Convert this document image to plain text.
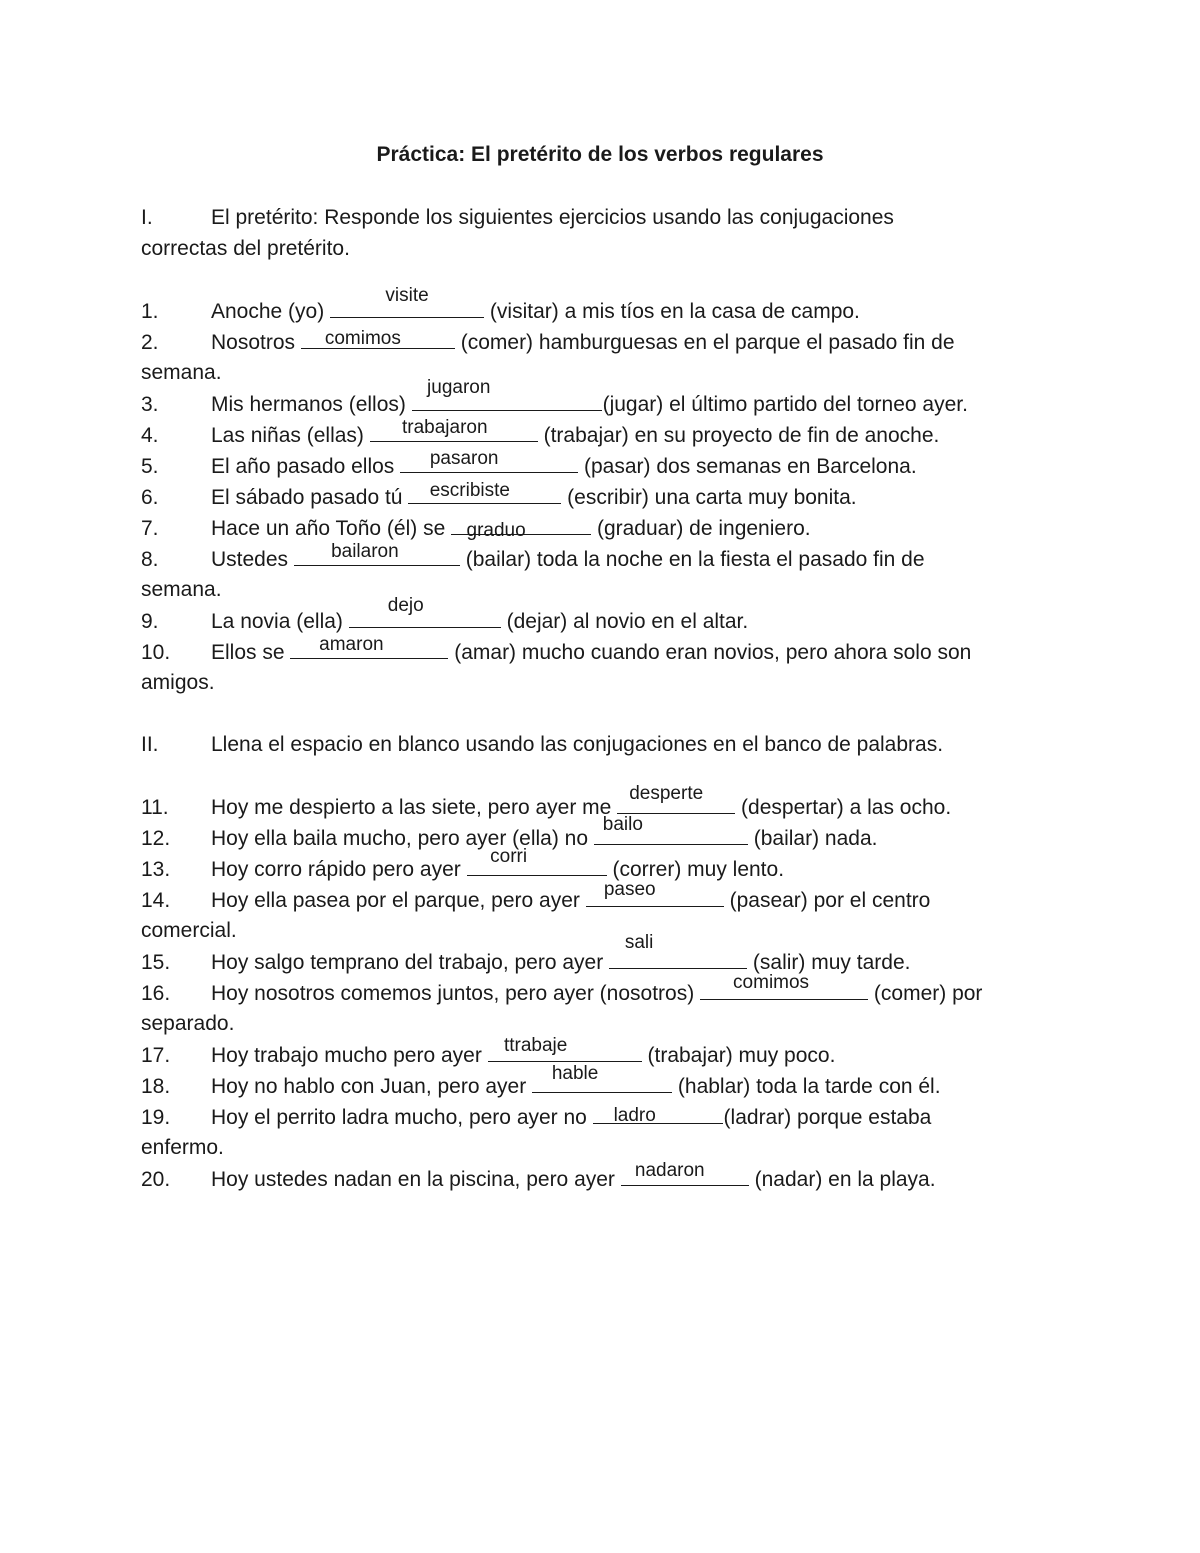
Práctica: El pretérito de los verbos regulares
I.	El pretérito: Responde los siguientes ejercicios usando las conjugaciones
correctas del pretérito.
1. Anoche (yo)
visite
(visitar) a mis tíos en la casa de campo.
2. Nosotros	comimos	(comer) hamburguesas en el parque el pasado fin de
semana.
3. Mis hermanos (ellos)
jugaron
(jugar) el último partido del torneo ayer.
4. Las niñas (ellas)	trabajaron	(trabajar) en su proyecto de fin de anoche.
5. El año pasado ellos	pasaron	(pasar) dos semanas en Barcelona.
6. El sábado pasado tú	escribiste	(escribir) una carta muy bonita.
7. Hace un año Toño (él) se	graduo	(graduar) de ingeniero.
8. Ustedes	bailaron	(bailar) toda la noche en la fiesta el pasado fin de
semana.
9. La novia (ella)
dejo
(dejar) al novio en el altar.
10. Ellos se	amaron	(amar) mucho cuando eran novios, pero ahora solo son
amigos.
II. Llena el espacio en blanco usando las conjugaciones en el banco de palabras.
11. Hoy me despierto a las siete, pero ayer me
desperte
(despertar) a las ocho.
12. Hoy ella baila mucho, pero ayer (ella) no
bailo
(bailar) nada.
13. Hoy corro rápido pero ayer
corri
(correr) muy lento.
14. Hoy ella pasea por el parque, pero ayer	paseo	(pasear) por el centro
comercial.
15. Hoy salgo temprano del trabajo, pero ayer
sali
(salir) muy tarde.
16. Hoy nosotros comemos juntos, pero ayer (nosotros)	comimos	(comer) por
separado.
17. Hoy trabajo mucho pero ayer	ttrabaje	(trabajar) muy poco.
18. Hoy no hablo con Juan, pero ayer
hable
(hablar) toda la tarde con él.
19. Hoy el perrito ladra mucho, pero ayer no	ladro	(ladrar) porque estaba
enfermo.
20. Hoy ustedes nadan en la piscina, pero ayer	nadaron	(nadar) en la playa.
